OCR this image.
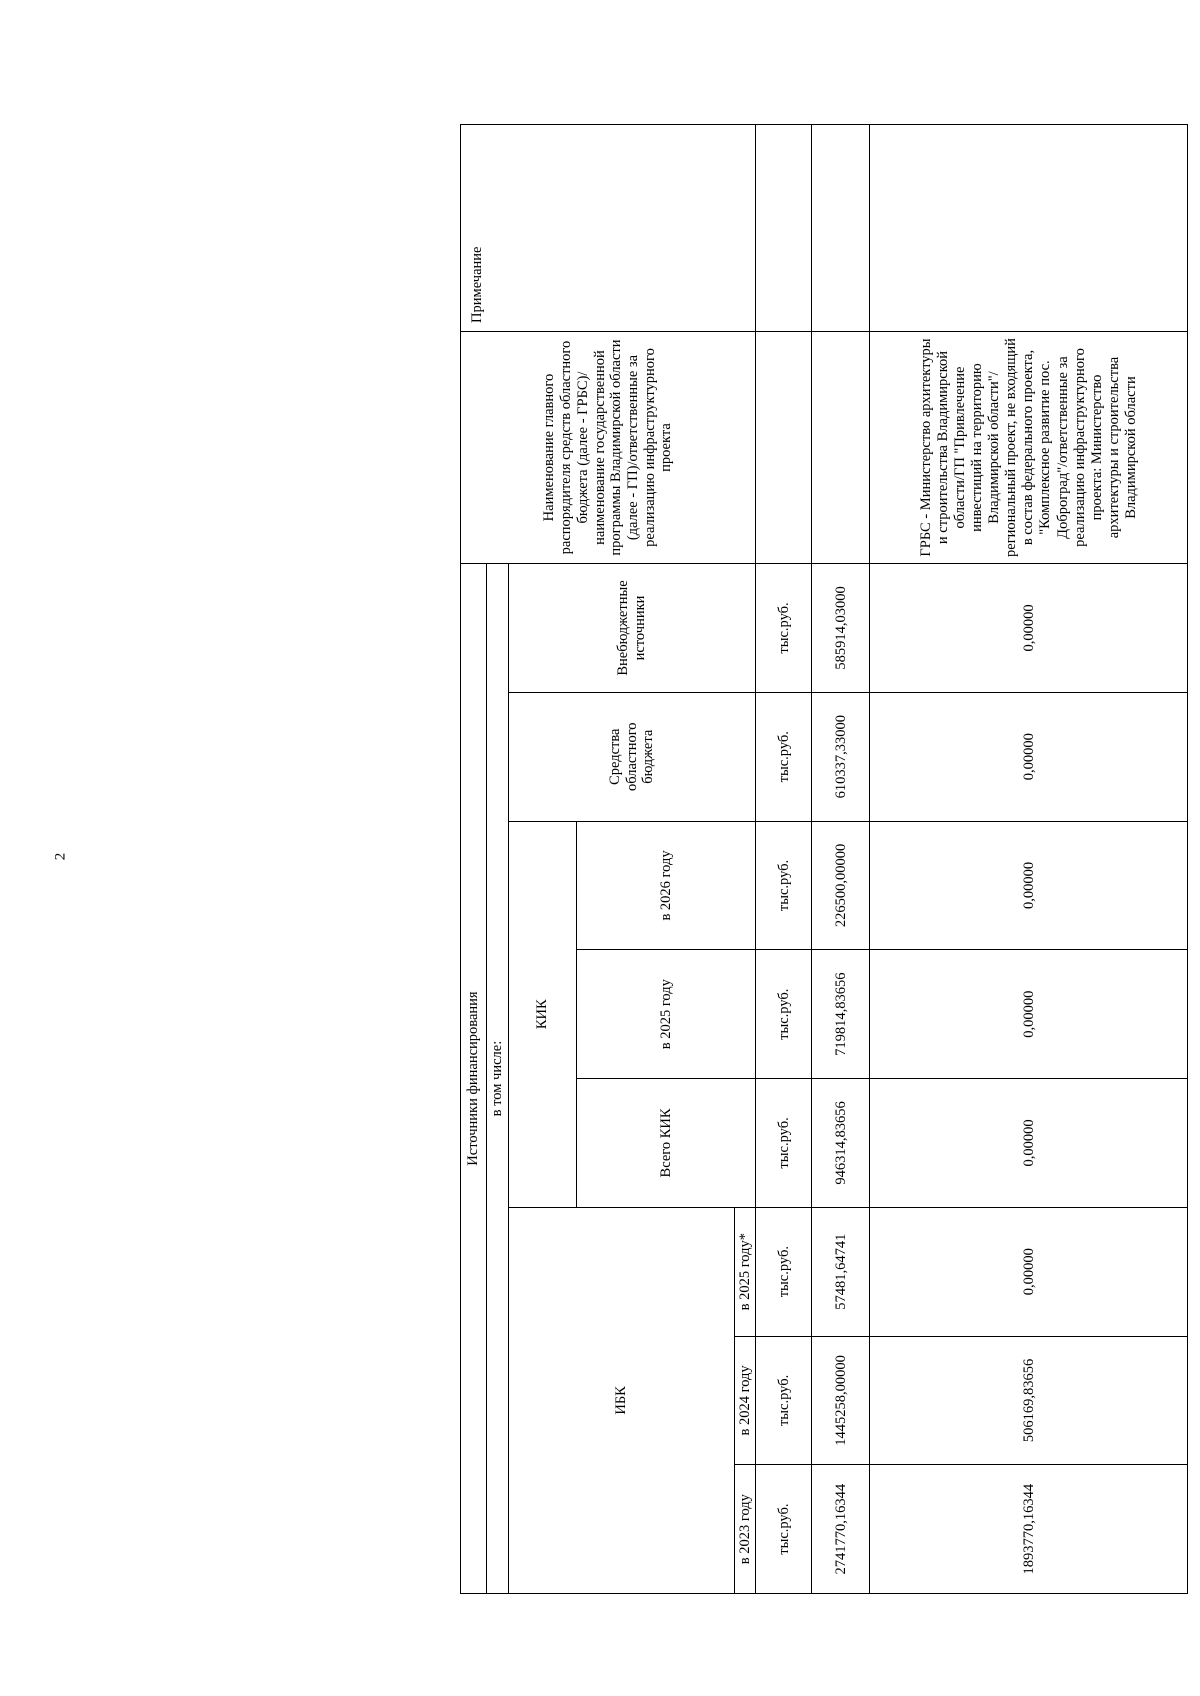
2
Источники финансирования								Наименование главного распорядителя средств областного бюджета (далее - ГРБС)/наименование государственной программы Владимирской области (далее - ГП)/ответственные за реализацию инфраструктурного проекта	Примечание
в том числе:									
ИБК			КИК			Средства областного бюджета	Внебюджетные источники		
			Всего КИК	в 2025 году	в 2026 году				
в 2023 году	в 2024 году	в 2025 году*							
тыс.руб.	тыс.руб.	тыс.руб.	тыс.руб.	тыс.руб.	тыс.руб.	тыс.руб.	тыс.руб.		
2741770,16344	1445258,00000	57481,64741	946314,83656	719814,83656	226500,00000	610337,33000	585914,03000		
1893770,16344	506169,83656	0,00000	0,00000	0,00000	0,00000	0,00000	0,00000	ГРБС - Министерство архитектуры и строительства Владимирской области/ГП "Привлечение инвестиций на территорию Владимирской области"/региональный проект, не входящий в состав федерального проекта, "Комплексное развитие пос. Доброград"/ответственные за реализацию инфраструктурного проекта: Министерство архитектуры и строительства Владимирской области	
